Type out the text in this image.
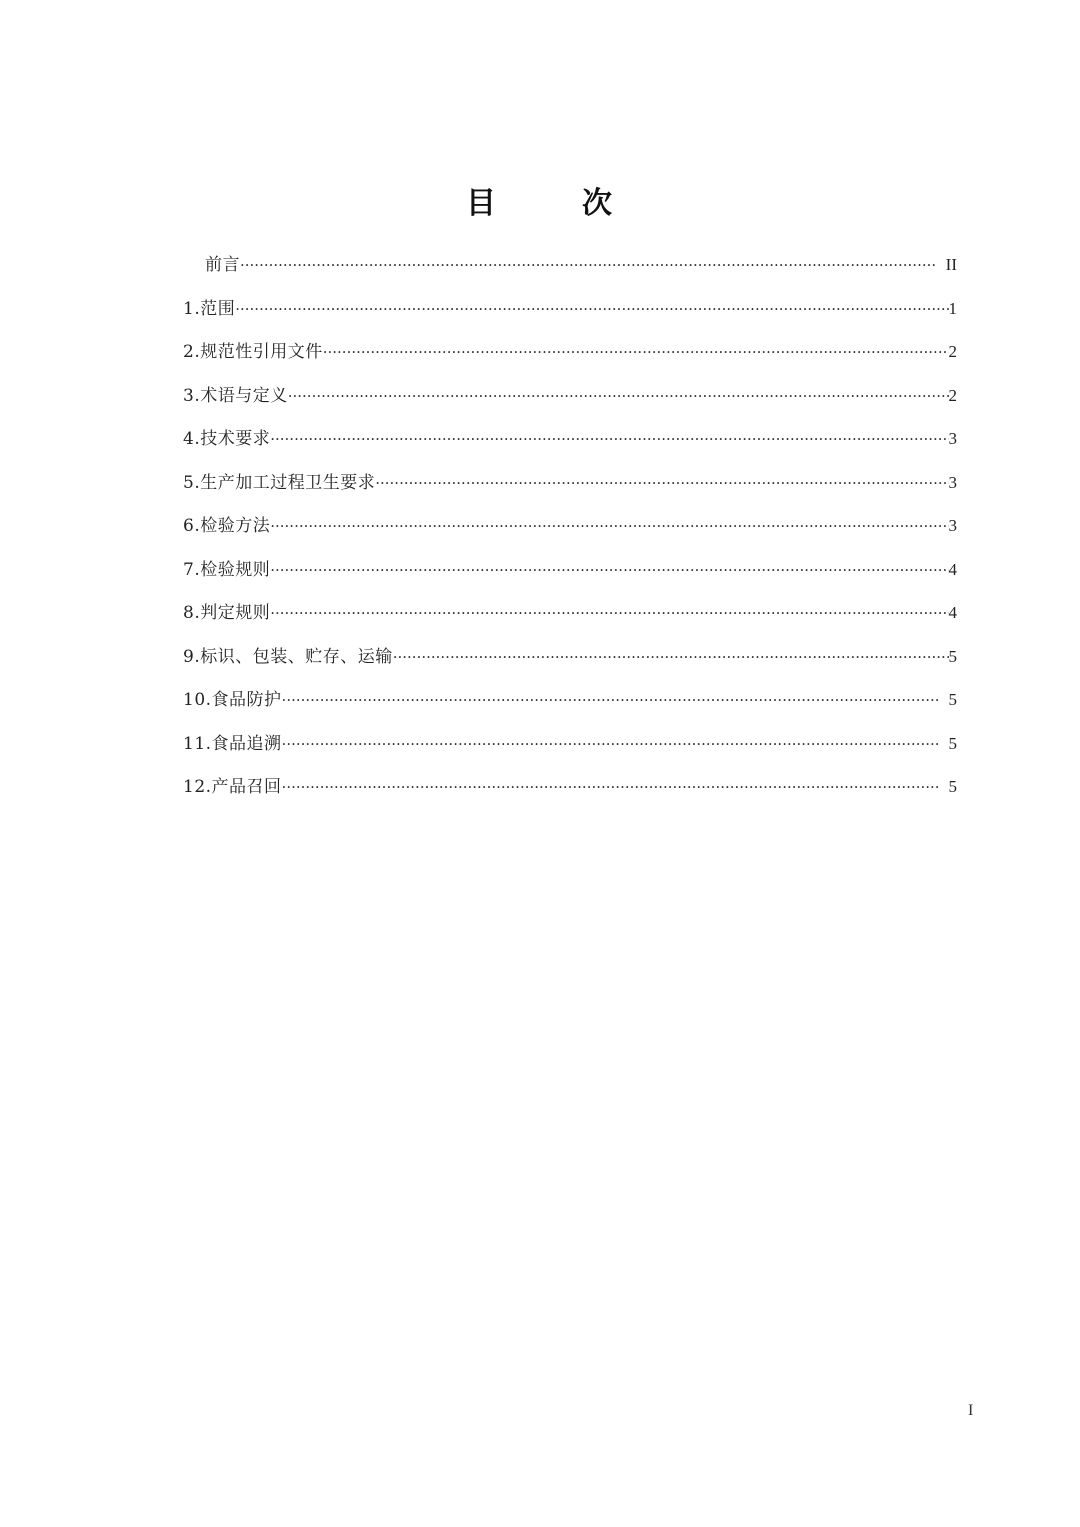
目	次
前言 ·····	II
1.范围 ·····	1
2.规范性引用文件 ·····	2
3.术语与定义 ·····	2
4.技术要求 ·····	3
5.生产加工过程卫生要求 ·····	3
6.检验方法 ·····	3
7.检验规则 ·····	4
8.判定规则 ·····	4
9.标识、包装、贮存、运输 ·····	5
10.食品防护 ·····	5
11.食品追溯 ·····	5
12.产品召回 ·····	5
I
